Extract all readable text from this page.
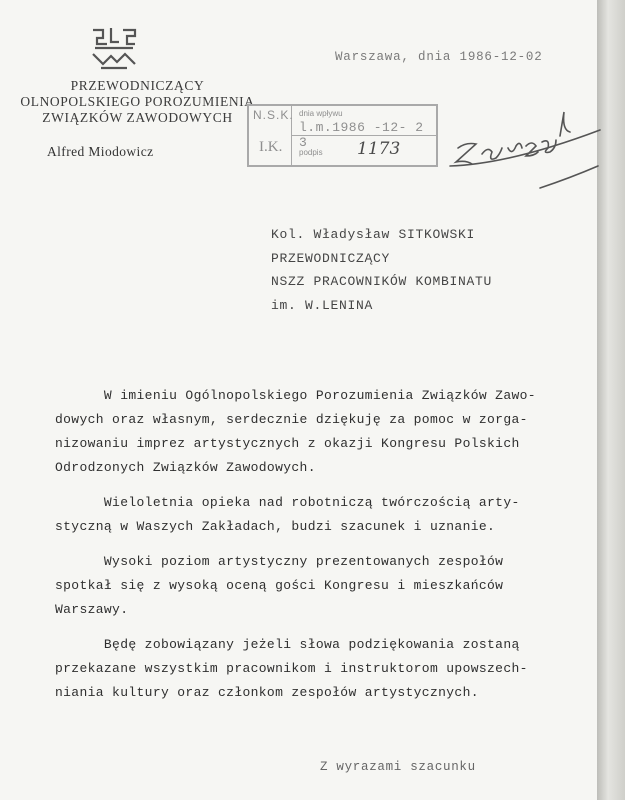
PRZEWODNICZĄCY
OLNOPOLSKIEGO POROZUMIENIA
ZWIĄZKÓW ZAWODOWYCH
Alfred Miodowicz
Warszawa, dnia 1986-12-02
N.S.K.
I.K.
dnia wpływu
l.m.1986 -12- 2 3
podpis 1173
Kol. Władysław SITKOWSKI
PRZEWODNICZĄCY
NSZZ PRACOWNIKÓW KOMBINATU
im. W.LENINA

W imieniu Ogólnopolskiego Porozumienia Związków Zawo-
dowych oraz własnym, serdecznie dziękuję za pomoc w zorga-
nizowaniu imprez artystycznych z okazji Kongresu Polskich
Odrodzonych Związków Zawodowych.

Wieloletnia opieka nad robotniczą twórczością arty-
styczną w Waszych Zakładach, budzi szacunek i uznanie.

Wysoki poziom artystyczny prezentowanych zespołów
spotkał się z wysoką oceną gości Kongresu i mieszkańców
Warszawy.

Będę zobowiązany jeżeli słowa podziękowania zostaną
przekazane wszystkim pracownikom i instruktorom upowszech-
niania kultury oraz członkom zespołów artystycznych.

Z wyrazami szacunku
